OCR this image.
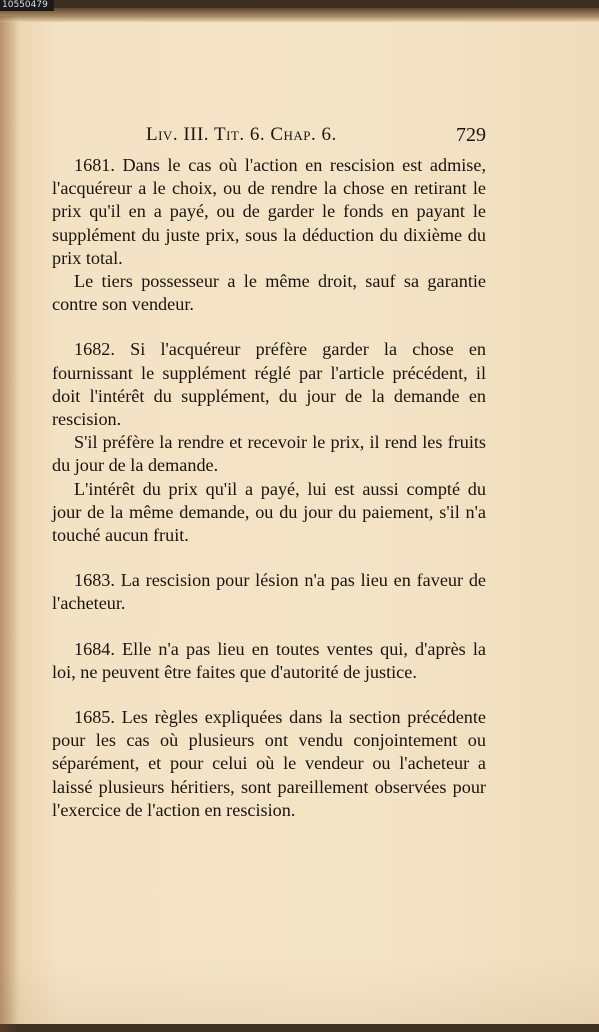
Liv. III. Tit. 6. Chap. 6.	729

1681. Dans le cas où l'action en rescision est admise, l'acquéreur a le choix, ou de rendre la chose en retirant le prix qu'il en a payé, ou de garder le fonds en payant le supplément du juste prix, sous la déduction du dixième du prix total.

Le tiers possesseur a le même droit, sauf sa garantie contre son vendeur.

1682. Si l'acquéreur préfère garder la chose en fournissant le supplément réglé par l'article précédent, il doit l'intérêt du supplément, du jour de la demande en rescision.

S'il préfère la rendre et recevoir le prix, il rend les fruits du jour de la demande.

L'intérêt du prix qu'il a payé, lui est aussi compté du jour de la même demande, ou du jour du paiement, s'il n'a touché aucun fruit.

1683. La rescision pour lésion n'a pas lieu en faveur de l'acheteur.

1684. Elle n'a pas lieu en toutes ventes qui, d'après la loi, ne peuvent être faites que d'autorité de justice.

1685. Les règles expliquées dans la section précédente pour les cas où plusieurs ont vendu conjointement ou séparément, et pour celui où le vendeur ou l'acheteur a laissé plusieurs héritiers, sont pareillement observées pour l'exercice de l'action en rescision.

10550479
